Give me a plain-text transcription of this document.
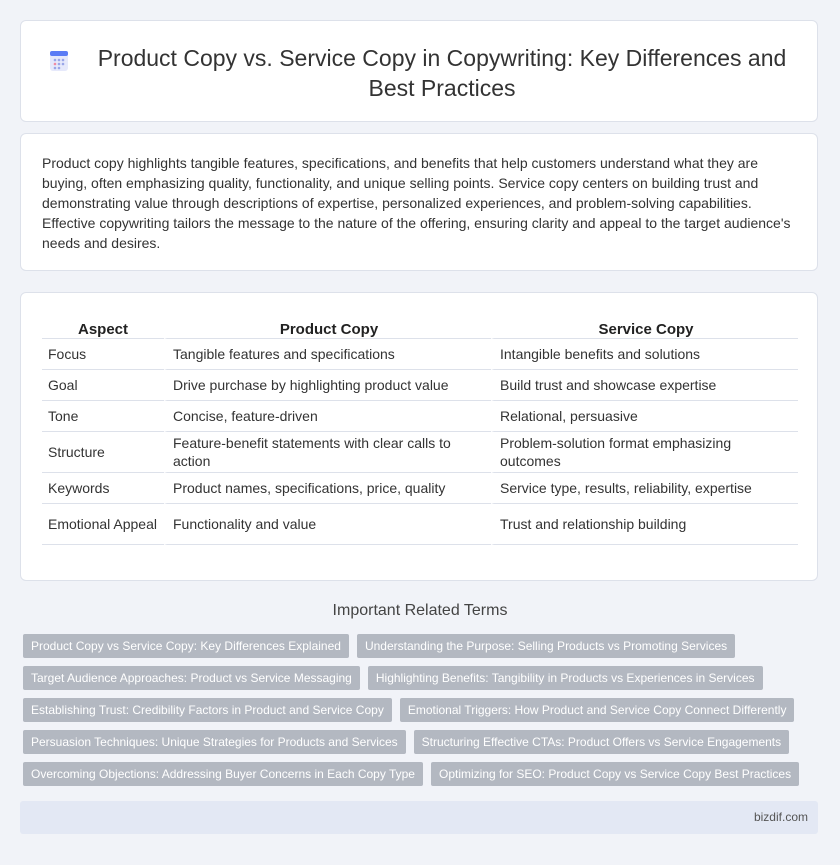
Product Copy vs. Service Copy in Copywriting: Key Differences and Best Practices

Product copy highlights tangible features, specifications, and benefits that help customers understand what they are buying, often emphasizing quality, functionality, and unique selling points. Service copy centers on building trust and demonstrating value through descriptions of expertise, personalized experiences, and problem-solving capabilities. Effective copywriting tailors the message to the nature of the offering, ensuring clarity and appeal to the target audience's needs and desires.

Aspect	Product Copy	Service Copy
Focus	Tangible features and specifications	Intangible benefits and solutions
Goal	Drive purchase by highlighting product value	Build trust and showcase expertise
Tone	Concise, feature-driven	Relational, persuasive
Structure	Feature-benefit statements with clear calls to action	Problem-solution format emphasizing outcomes
Keywords	Product names, specifications, price, quality	Service type, results, reliability, expertise
Emotional Appeal	Functionality and value	Trust and relationship building
Important Related Terms
Product Copy vs Service Copy: Key Differences Explained	Understanding the Purpose: Selling Products vs Promoting Services
Target Audience Approaches: Product vs Service Messaging	Highlighting Benefits: Tangibility in Products vs Experiences in Services
Establishing Trust: Credibility Factors in Product and Service Copy	Emotional Triggers: How Product and Service Copy Connect Differently
Persuasion Techniques: Unique Strategies for Products and Services	Structuring Effective CTAs: Product Offers vs Service Engagements
Overcoming Objections: Addressing Buyer Concerns in Each Copy Type	Optimizing for SEO: Product Copy vs Service Copy Best Practices
bizdif.com
